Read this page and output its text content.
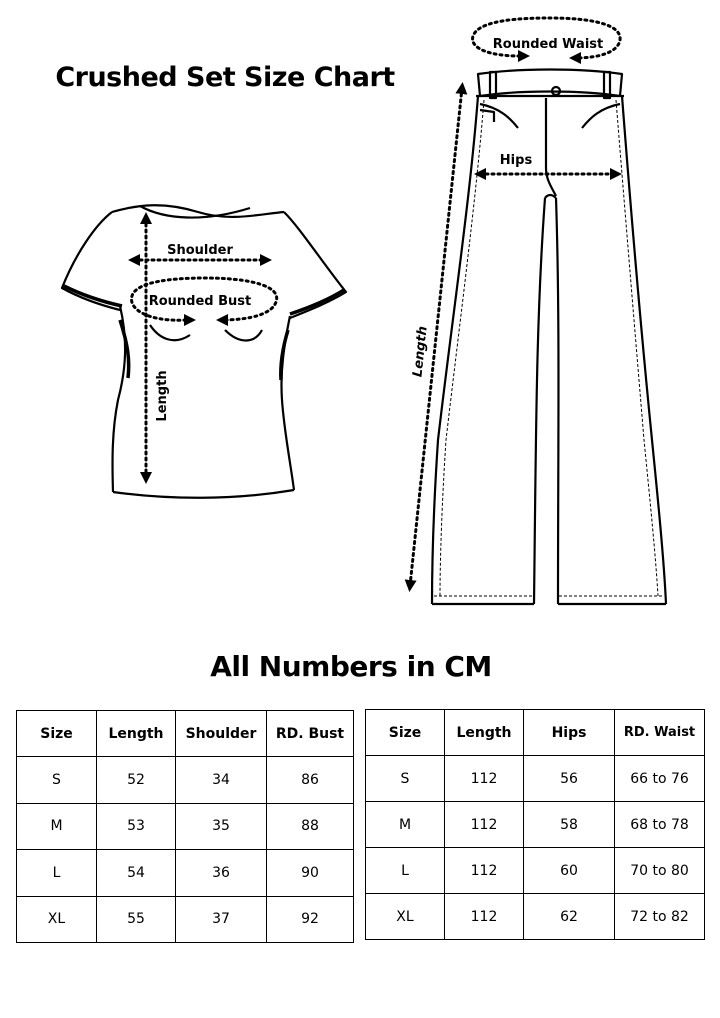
Crushed Set Size Chart
Shoulder
Rounded Bust
Length
Rounded Waist
Hips
Length
All Numbers in CM
Size	Length	Shoulder	RD. Bust
S	52	34	86
M	53	35	88
L	54	36	90
XL	55	37	92
Size	Length	Hips	RD. Waist
S	112	56	66 to 76
M	112	58	68 to 78
L	112	60	70 to 80
XL	112	62	72 to 82
